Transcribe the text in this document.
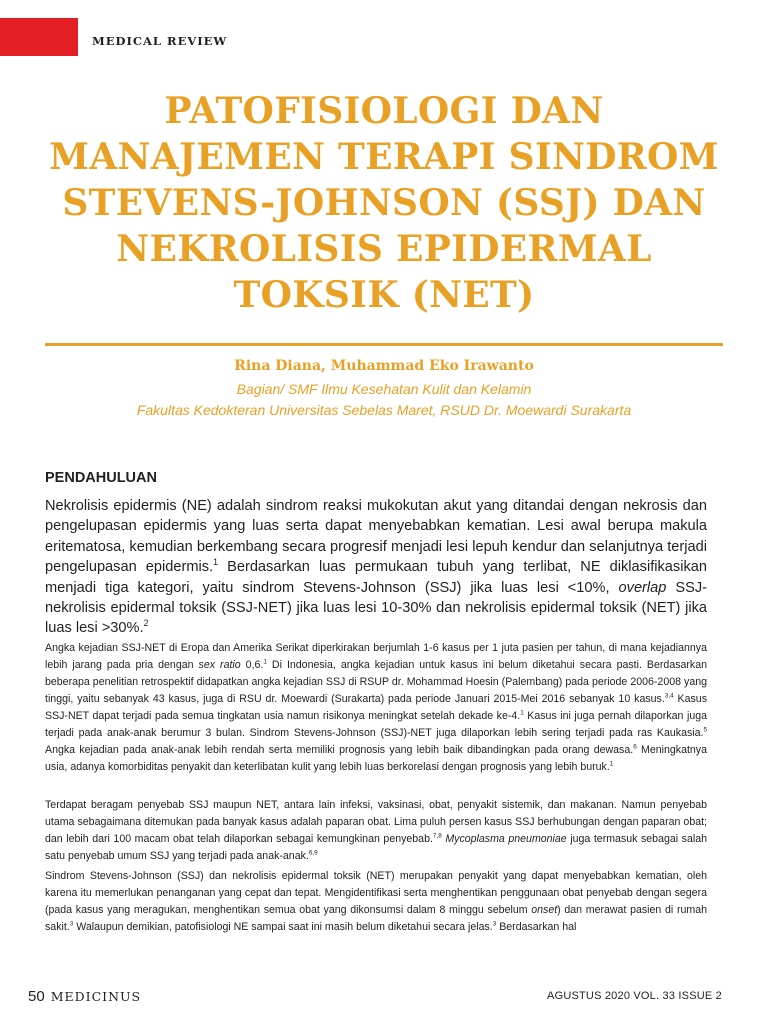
MEDICAL REVIEW
PATOFISIOLOGI DAN MANAJEMEN TERAPI SINDROM STEVENS-JOHNSON (SSJ) DAN NEKROLISIS EPIDERMAL TOKSIK (NET)
Rina Diana, Muhammad Eko Irawanto
Bagian/ SMF Ilmu Kesehatan Kulit dan Kelamin
Fakultas Kedokteran Universitas Sebelas Maret, RSUD Dr. Moewardi Surakarta
PENDAHULUAN

Nekrolisis epidermis (NE) adalah sindrom reaksi mukokutan akut yang ditandai dengan nekrosis dan pengelupasan epidermis yang luas serta dapat menyebabkan kematian. Lesi awal berupa makula eritematosa, kemudian berkembang secara progresif menjadi lesi lepuh kendur dan selanjutnya terjadi pengelupasan epidermis.$^1$ Berdasarkan luas permukaan tubuh yang terlibat, NE diklasifikasikan menjadi tiga kategori, yaitu sindrom Stevens-Johnson (SSJ) jika luas lesi <10%, overlap SSJ-nekrolisis epidermal toksik (SSJ-NET) jika luas lesi 10-30% dan nekrolisis epidermal toksik (NET) jika luas lesi >30%.$^2$

Angka kejadian SSJ-NET di Eropa dan Amerika Serikat diperkirakan berjumlah 1-6 kasus per 1 juta pasien per tahun, di mana kejadiannya lebih jarang pada pria dengan sex ratio 0,6.$^1$ Di Indonesia, angka kejadian untuk kasus ini belum diketahui secara pasti. Berdasarkan beberapa penelitian retrospektif didapatkan angka kejadian SSJ di RSUP dr. Mohammad Hoesin (Palembang) pada periode 2006-2008 yang tinggi, yaitu sebanyak 43 kasus, juga di RSU dr. Moewardi (Surakarta) pada periode Januari 2015-Mei 2016 sebanyak 10 kasus.$^{3,4}$ Kasus SSJ-NET dapat terjadi pada semua tingkatan usia namun risikonya meningkat setelah dekade ke-4.$^1$ Kasus ini juga pernah dilaporkan juga terjadi pada anak-anak berumur 3 bulan. Sindrom Stevens-Johnson (SSJ)-NET juga dilaporkan lebih sering terjadi pada ras Kaukasia.$^5$ Angka kejadian pada anak-anak lebih rendah serta memiliki prognosis yang lebih baik dibandingkan pada orang dewasa.$^6$ Meningkatnya usia, adanya komorbiditas penyakit dan keterlibatan kulit yang lebih luas berkorelasi dengan prognosis yang lebih buruk.$^1$

Terdapat beragam penyebab SSJ maupun NET, antara lain infeksi, vaksinasi, obat, penyakit sistemik, dan makanan. Namun penyebab utama sebagaimana ditemukan pada banyak kasus adalah paparan obat. Lima puluh persen kasus SSJ berhubungan dengan paparan obat; dan lebih dari 100 macam obat telah dilaporkan sebagai kemungkinan penyebab.$^{7,8}$ Mycoplasma pneumoniae juga termasuk sebagai salah satu penyebab umum SSJ yang terjadi pada anak-anak.$^{6,9}$

Sindrom Stevens-Johnson (SSJ) dan nekrolisis epidermal toksik (NET) merupakan penyakit yang dapat menyebabkan kematian, oleh karena itu memerlukan penanganan yang cepat dan tepat. Mengidentifikasi serta menghentikan penggunaan obat penyebab dengan segera (pada kasus yang meragukan, menghentikan semua obat yang dikonsumsi dalam 8 minggu sebelum onset) dan merawat pasien di rumah sakit.$^3$ Walaupun demikian, patofisiologi NE sampai saat ini masih belum diketahui secara jelas.$^3$ Berdasarkan hal

50 MEDICINUS	AGUSTUS 2020 VOL. 33 ISSUE 2
